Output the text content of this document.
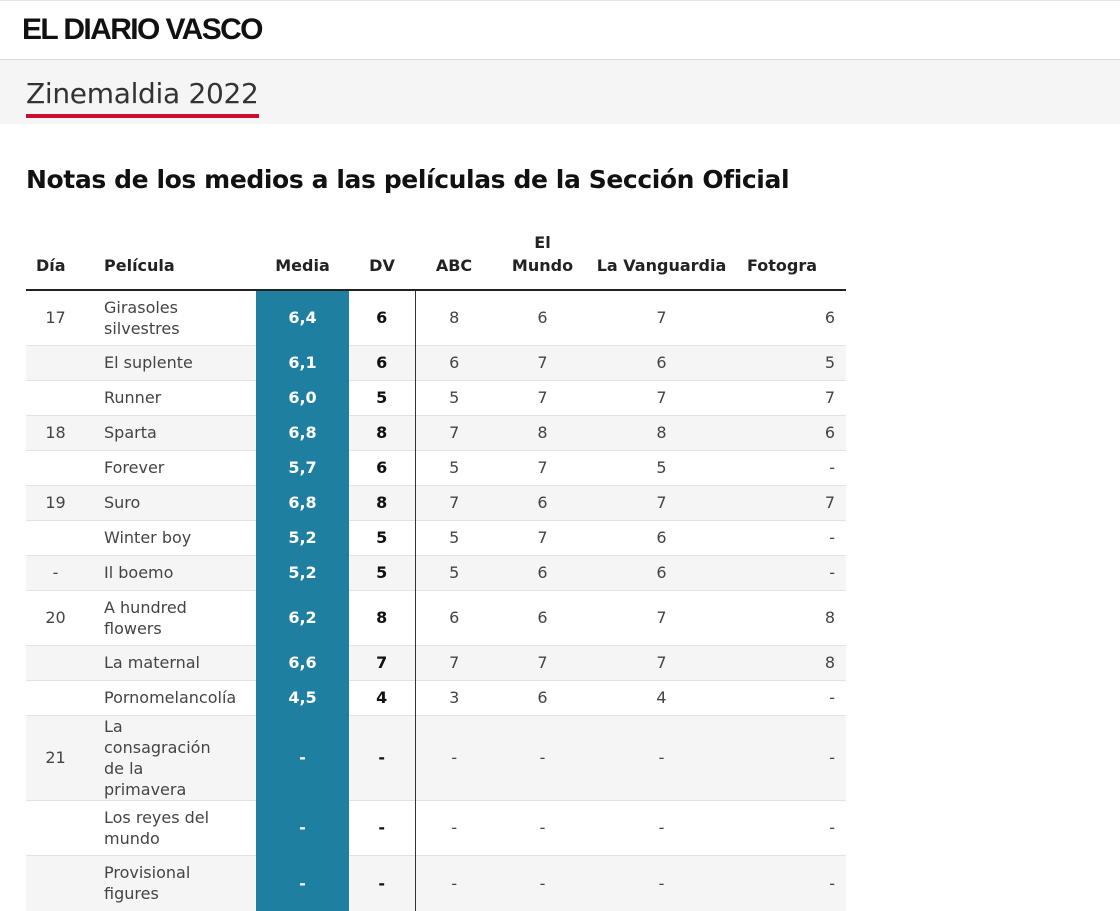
EL DIARIO VASCO
Zinemaldia 2022
Notas de los medios a las películas de la Sección Oficial
Día	Película	Media	DV	ABC	El Mundo	La Vanguardia	Fotogra
17	Girasoles silvestres	6,4	6	8	6	7	6
	El suplente	6,1	6	6	7	6	5
	Runner	6,0	5	5	7	7	7
18	Sparta	6,8	8	7	8	8	6
	Forever	5,7	6	5	7	5	-
19	Suro	6,8	8	7	6	7	7
	Winter boy	5,2	5	5	7	6	-
-	Il boemo	5,2	5	5	6	6	-
20	A hundred flowers	6,2	8	6	6	7	8
	La maternal	6,6	7	7	7	7	8
	Pornomelancolía	4,5	4	3	6	4	-
21	La consagración de la primavera	-	-	-	-	-	-
	Los reyes del mundo	-	-	-	-	-	-
	Provisional figures	-	-	-	-	-	-
